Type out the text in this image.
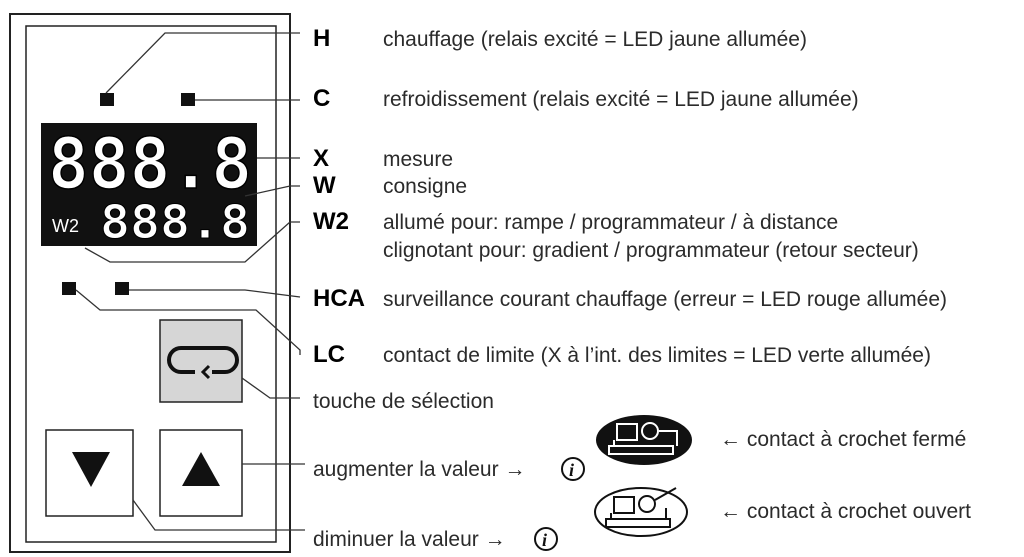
888.8
888.8
W2
H	chauffage (relais excité = LED jaune allumée)
C	refroidissement (relais excité = LED jaune allumée)
X	mesure
W consigne
W2 allumé pour: rampe / programmateur / à distance
clignotant pour: gradient / programmateur (retour secteur)
HCA surveillance courant chauffage (erreur = LED rouge allumée)
LC contact de limite (X à l’int. des limites = LED verte allumée)
touche de sélection
augmenter la valeur → i
diminuer la valeur → i
← contact à crochet fermé
← contact à crochet ouvert
